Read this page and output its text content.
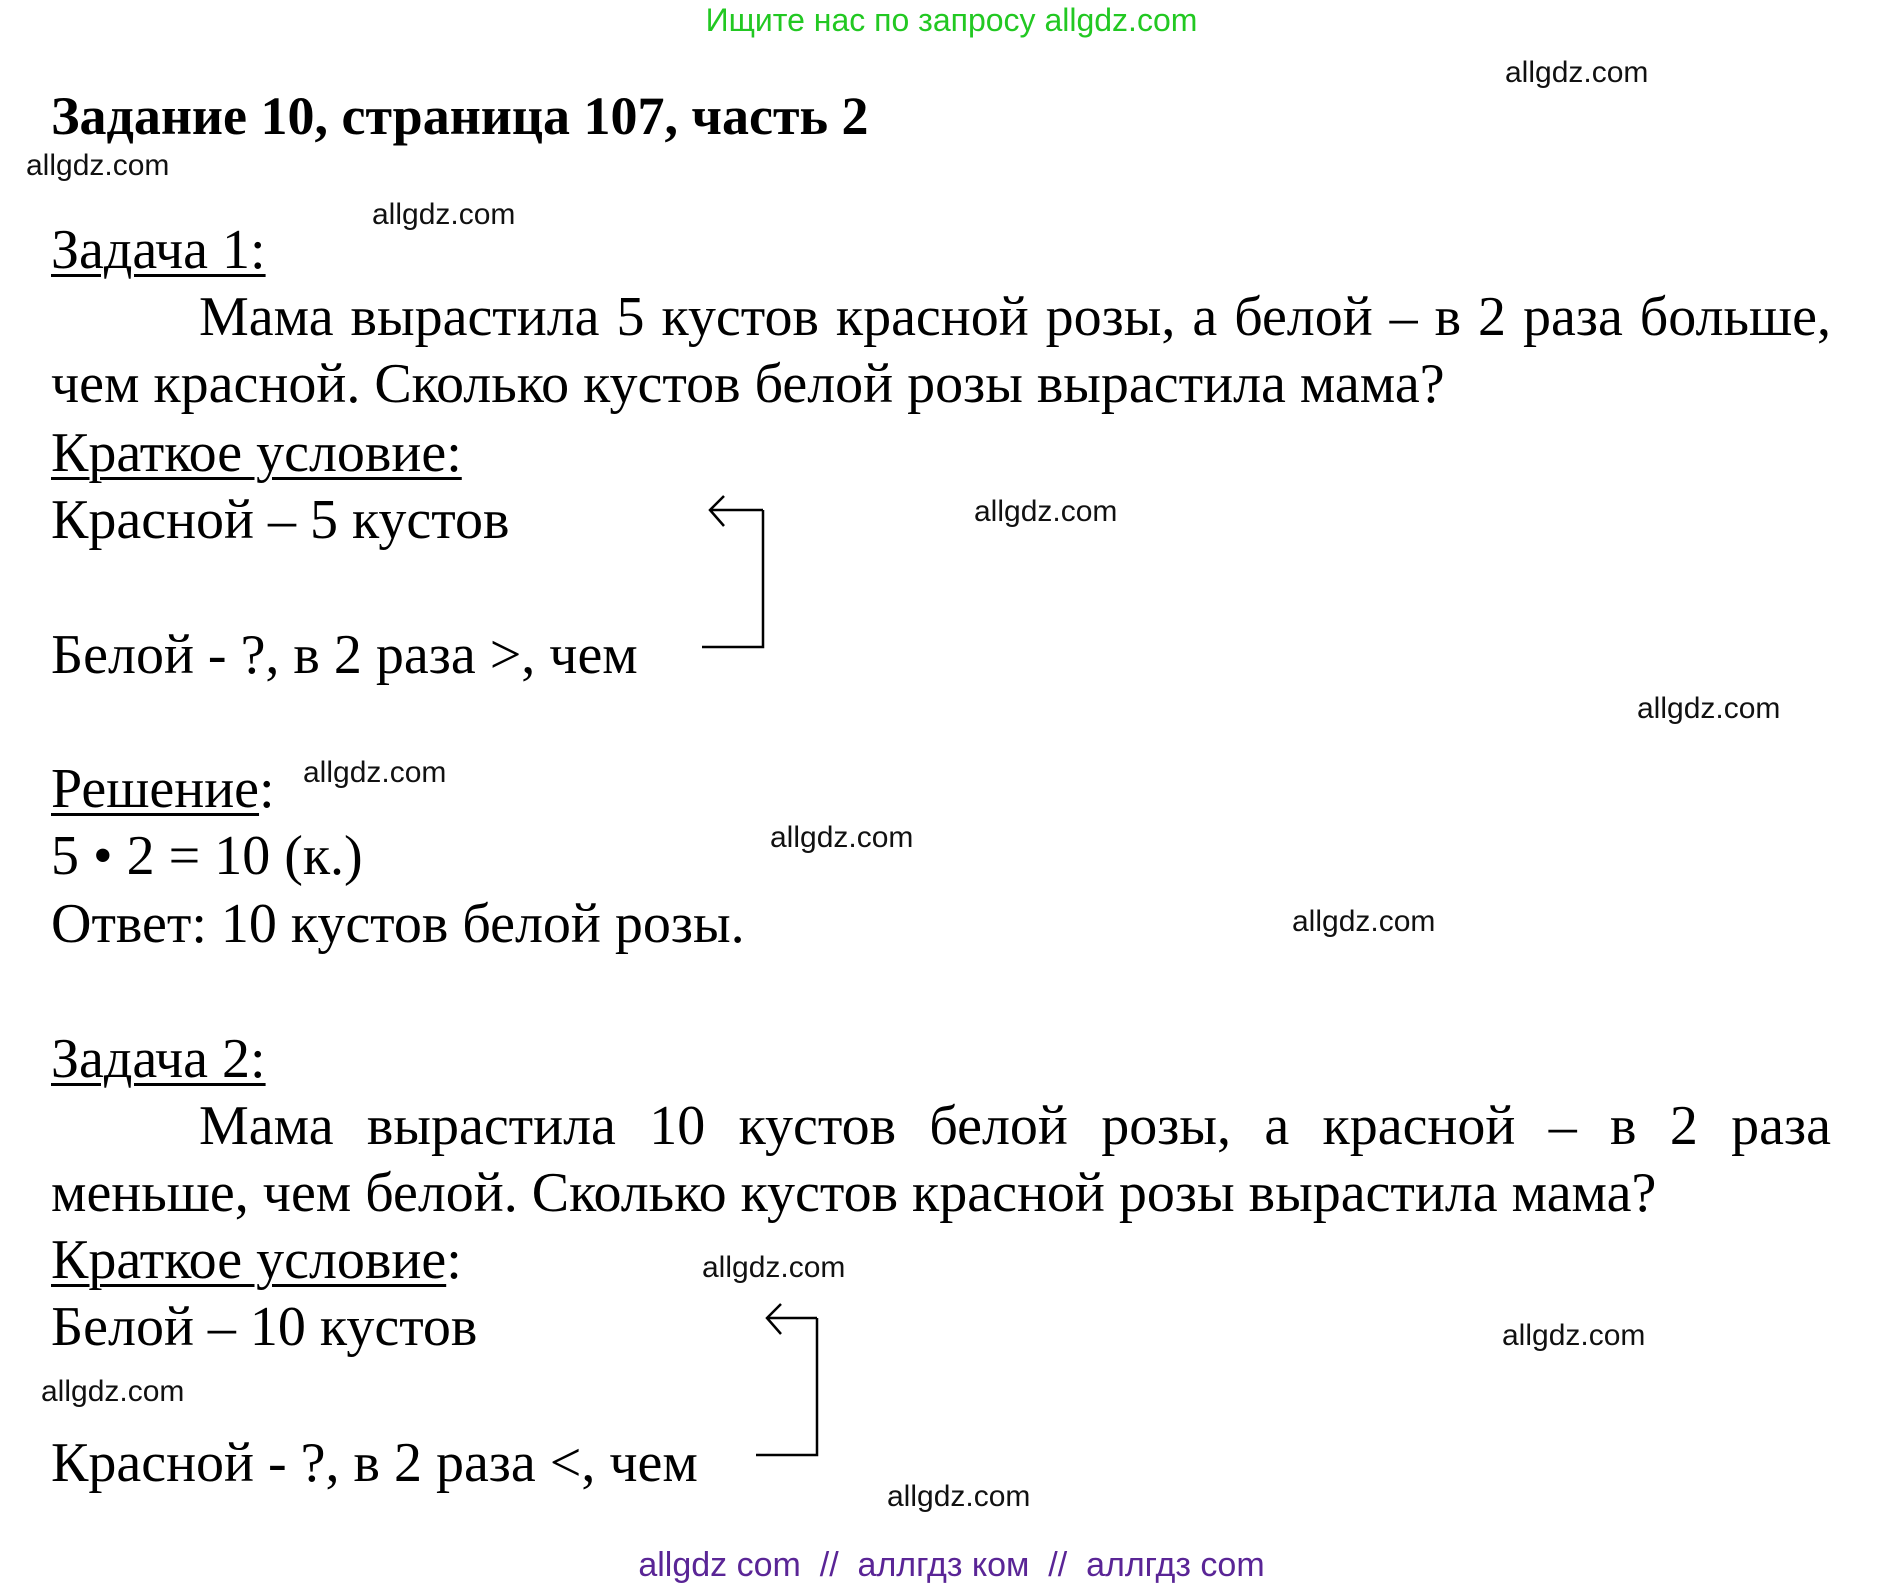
Ищите нас по запросу allgdz.com
Задание 10, страница 107, часть 2
Задача 1:
Мама вырастила 5 кустов красной розы, а белой – в 2 раза больше,
чем красной. Сколько кустов белой розы вырастила мама?
Краткое условие:
Красной – 5 кустов
Белой - ?, в 2 раза >, чем
Решение:
5 • 2 = 10 (к.)
Ответ: 10 кустов белой розы.
Задача 2:
Мама вырастила 10 кустов белой розы, а красной – в 2 раза
меньше, чем белой. Сколько кустов красной розы вырастила мама?
Краткое условие:
Белой – 10 кустов
Красной - ?, в 2 раза <, чем
allgdz.com
allgdz.com
allgdz.com
allgdz.com
allgdz.com
allgdz.com
allgdz.com
allgdz.com
allgdz.com
allgdz.com
allgdz.com
allgdz.com
allgdz com  //  аллгдз ком  //  аллгдз com
